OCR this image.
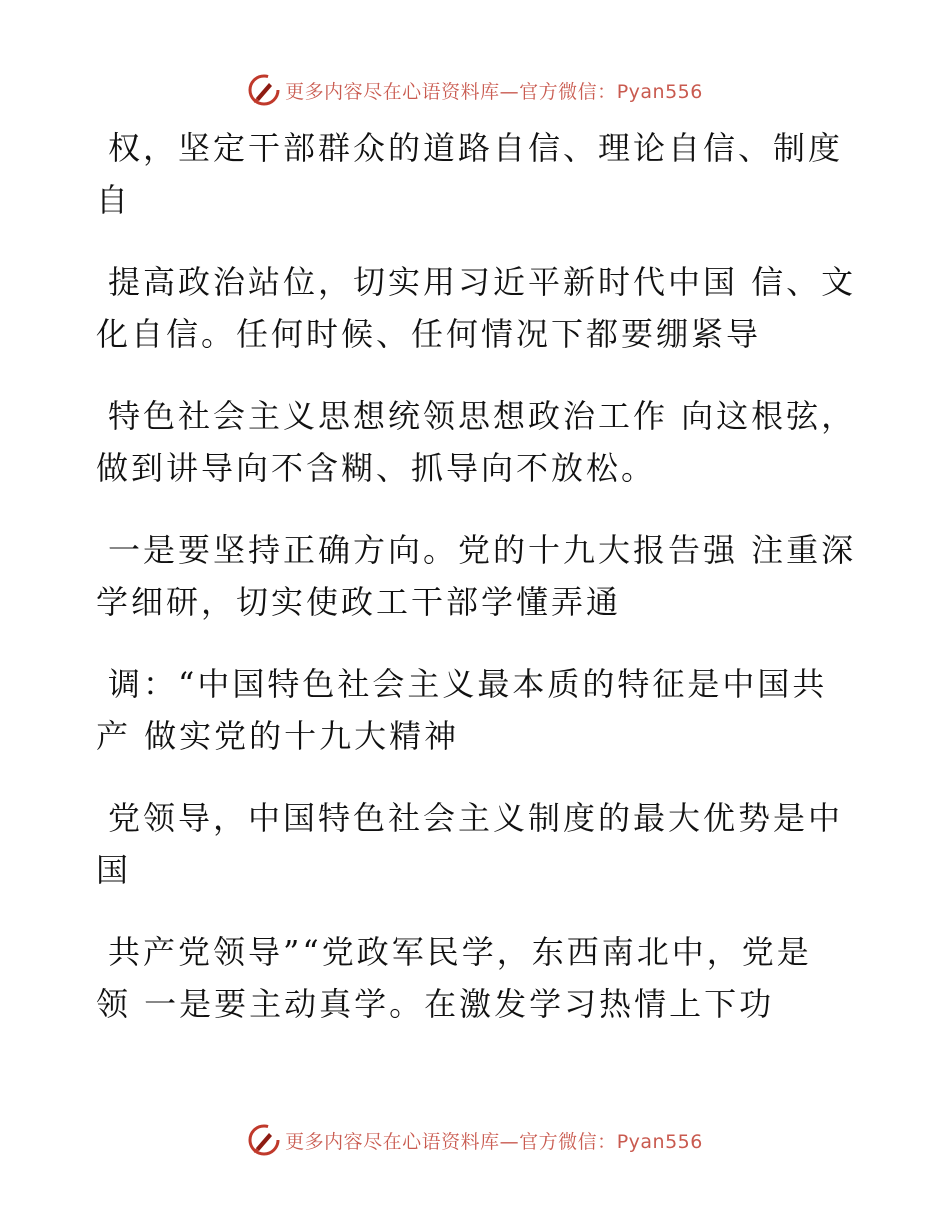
更多内容尽在心语资料库—官方微信：Pyan556
权，坚定干部群众的道路自信、理论自信、制度
自
提高政治站位，切实用习近平新时代中国 信、文
化自信。任何时候、任何情况下都要绷紧导
特色社会主义思想统领思想政治工作 向这根弦，
做到讲导向不含糊、抓导向不放松。
一是要坚持正确方向。党的十九大报告强 注重深
学细研，切实使政工干部学懂弄通
调：“中国特色社会主义最本质的特征是中国共
产 做实党的十九大精神
党领导，中国特色社会主义制度的最大优势是中
国
共产党领导”“党政军民学，东西南北中，党是
领 一是要主动真学。在激发学习热情上下功
更多内容尽在心语资料库—官方微信：Pyan556
